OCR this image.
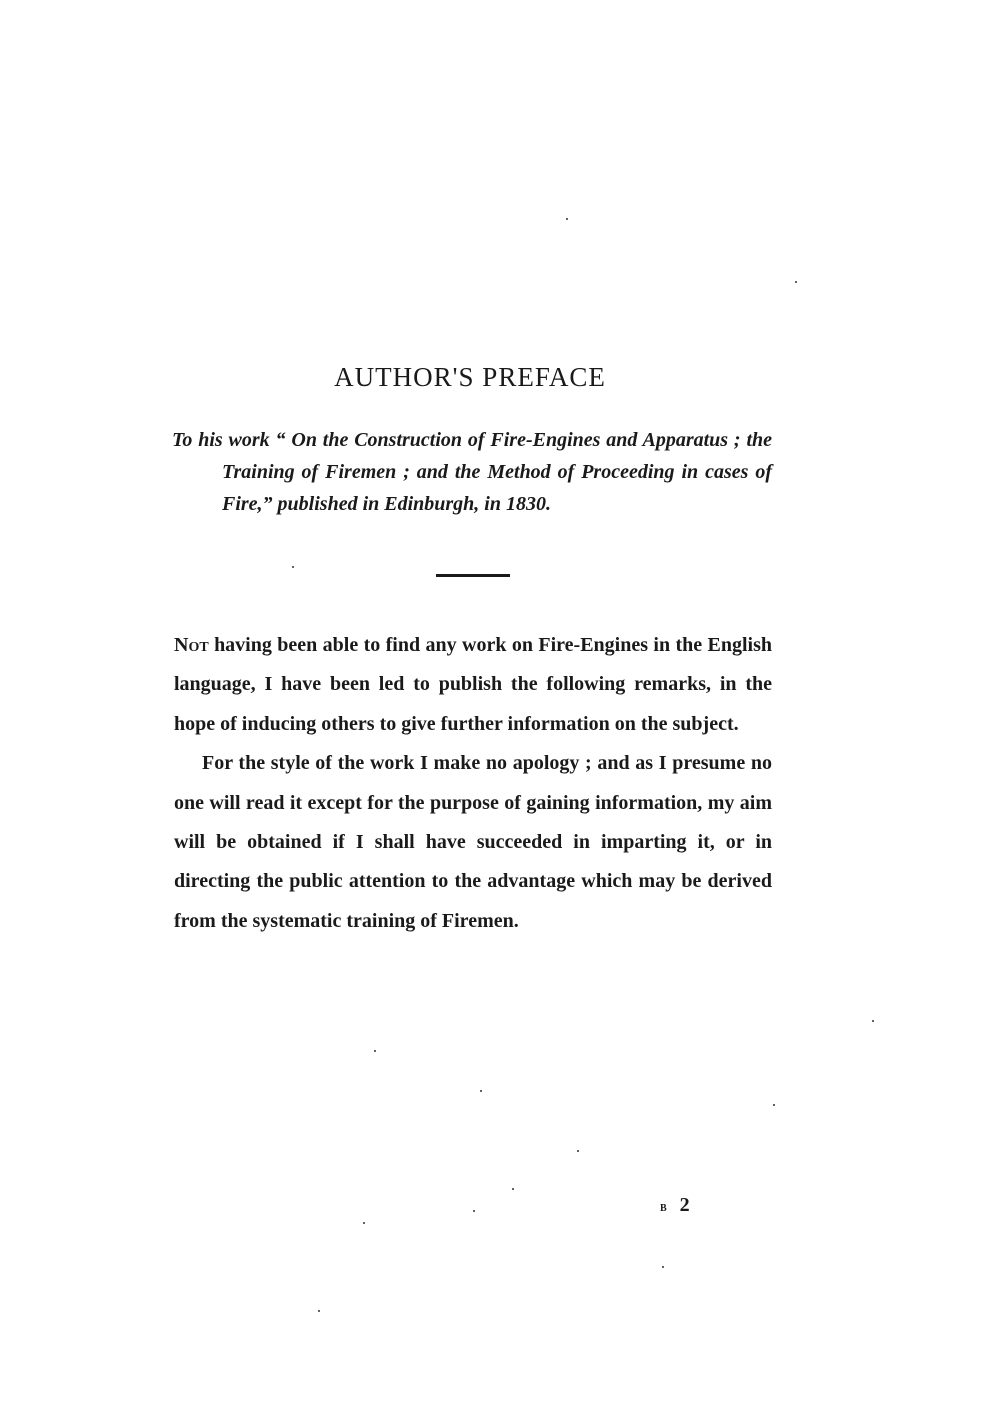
AUTHOR'S PREFACE

To his work “ On the Construction of Fire-Engines and Apparatus ; the Training of Firemen ; and the Method of Proceeding in cases of Fire,” published in Edinburgh, in 1830.

Not having been able to find any work on Fire-Engines in the English language, I have been led to publish the following remarks, in the hope of inducing others to give further information on the subject.

For the style of the work I make no apology ; and as I presume no one will read it except for the purpose of gaining information, my aim will be obtained if I shall have succeeded in imparting it, or in directing the public attention to the advantage which may be derived from the systematic training of Firemen.

b 2
